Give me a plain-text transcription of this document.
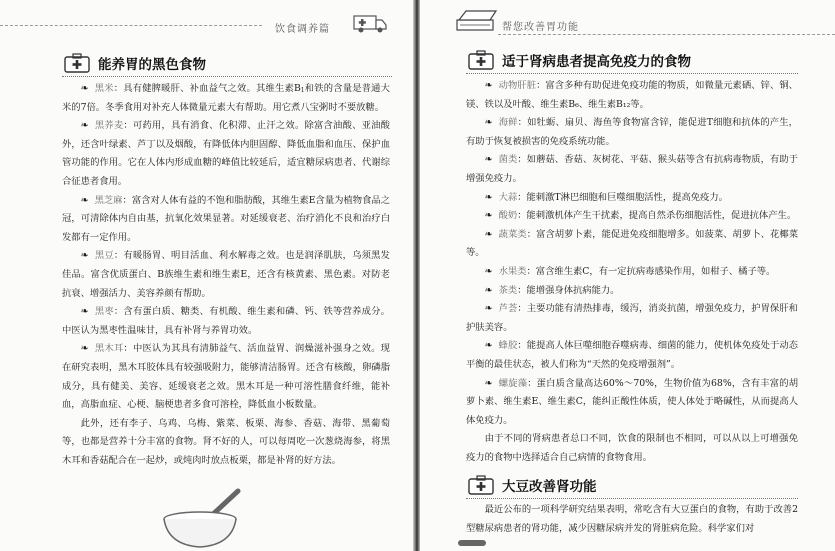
饮食调养篇
能养胃的黑色食物

❧ 黑米：具有健脾暖肝、补血益气之效。其维生素$B_1$和铁的含量是普通大米的7倍。冬季食用对补充人体微量元素大有帮助。用它煮八宝粥时不要放糖。

❧ 黑荞麦：可药用，具有消食、化积滞、止汗之效。除富含油酸、亚油酸外，还含叶绿素、芦丁以及烟酸，有降低体内胆固醇、降低血脂和血压、保护血管功能的作用。它在人体内形成血糖的峰值比较延后，适宜糖尿病患者、代谢综合征患者食用。

❧ 黑芝麻：富含对人体有益的不饱和脂肪酸，其维生素E含量为植物食品之冠，可清除体内自由基，抗氧化效果显著。对延缓衰老、治疗消化不良和治疗白发都有一定作用。

❧ 黑豆：有暖肠胃、明目活血、利水解毒之效。也是润泽肌肤，乌须黑发佳品。富含优质蛋白、B族维生素和维生素E，还含有核黄素、黑色素。对防老抗衰、增强活力、美容养颜有帮助。

❧ 黑枣：含有蛋白质、糖类、有机酸、维生素和磷、钙、铁等营养成分。中医认为黑枣性温味甘，具有补肾与养胃功效。

❧ 黑木耳：中医认为其具有清肺益气、活血益胃、润燥滋补强身之效。现在研究表明，黑木耳胶体具有较强吸附力，能够清洁肠胃。还含有核酸，卵磷脂成分，具有健美、美容、延缓衰老之效。黑木耳是一种可溶性膳食纤维，能补血，高脂血症、心梗、脑梗患者多食可溶栓，降低血小板数量。

此外，还有李子、乌鸡、乌梅、紫菜、板栗、海参、香菇、海带、黑葡萄等，也都是营养十分丰富的食物。肾不好的人，可以每周吃一次葱烧海参，将黑木耳和香菇配合在一起炒，或炖肉时放点板栗，都是补肾的好方法。

帮您改善胃功能
适于肾病患者提高免疫力的食物

❧ 动物肝脏：富含多种有助促进免疫功能的物质，如微量元素硒、锌、铜、镁、铁以及叶酸、维生素B₆、维生素B₁₂等。

❧ 海鲜：如牡蛎、扇贝、海鱼等食物富含锌，能促进T细胞和抗体的产生，有助于恢复被损害的免疫系统功能。

❧ 菌类：如蘑菇、香菇、灰树花、平菇、猴头菇等含有抗病毒物质，有助于增强免疫力。

❧ 大蒜：能刺激T淋巴细胞和巨噬细胞活性，提高免疫力。

❧ 酸奶：能刺激机体产生干扰素，提高自然杀伤细胞活性，促进抗体产生。

❧ 蔬菜类：富含胡萝卜素，能促进免疫细胞增多。如菠菜、胡萝卜、花椰菜等。

❧ 水果类：富含维生素C，有一定抗病毒感染作用，如柑子、橘子等。

❧ 茶类：能增强身体抗病能力。

❧ 芦荟：主要功能有清热排毒，缓泻，消炎抗菌，增强免疫力，护胃保肝和护肤美容。

❧ 蜂胶：能提高人体巨噬细胞吞噬病毒、细菌的能力，使机体免疫处于动态平衡的最佳状态，被人们称为“天然的免疫增强剂”。

❧ 螺旋藻：蛋白质含量高达60%～70%，生物价值为68%，含有丰富的胡萝卜素、维生素E、维生素C，能纠正酸性体质，使人体处于略碱性，从而提高人体免疫力。

由于不同的肾病患者总口不同，饮食的限制也不相同，可以从以上可增强免疫力的食物中选择适合自己病情的食物食用。

大豆改善肾功能

最近公布的一项科学研究结果表明，常吃含有大豆蛋白的食物，有助于改善2型糖尿病患者的肾功能，减少因糖尿病并发的肾脏病危险。科学家们对
